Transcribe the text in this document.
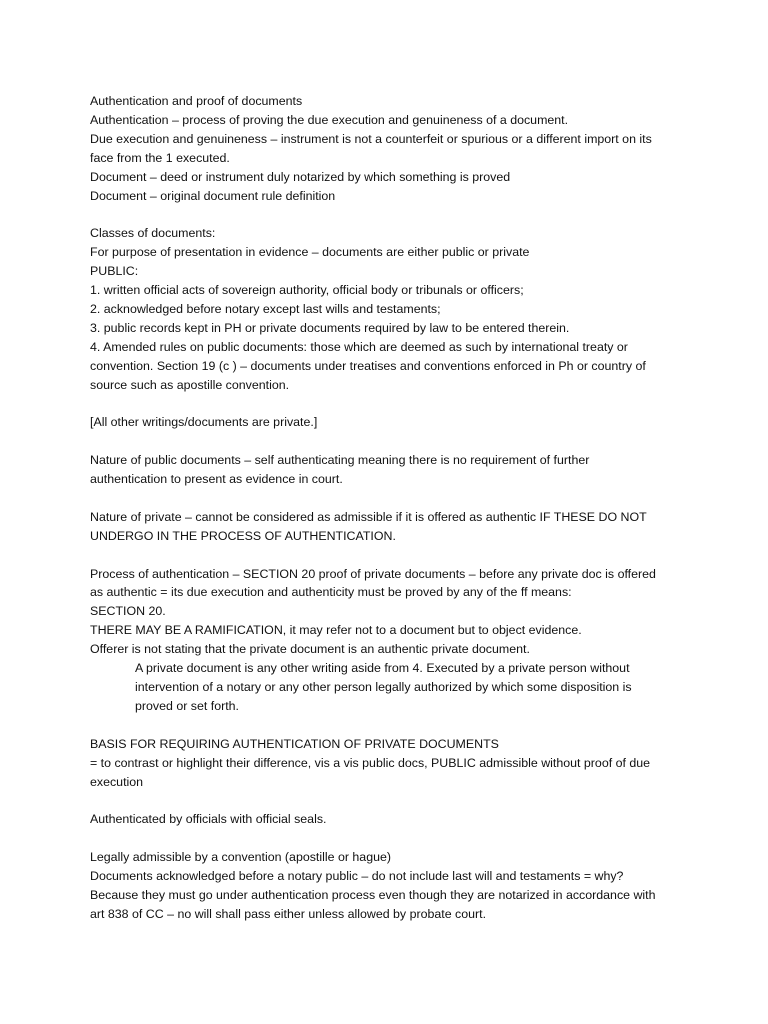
Authentication and proof of documents
Authentication – process of proving the due execution and genuineness of a document.
Due execution and genuineness – instrument is not a counterfeit or spurious or a different import on its
face from the 1 executed.
Document – deed or instrument duly notarized by which something is proved
Document – original document rule definition
Classes of documents:
For purpose of presentation in evidence – documents are either public or private
PUBLIC:
1. written official acts of sovereign authority, official body or tribunals or officers;
2. acknowledged before notary except last wills and testaments;
3. public records kept in PH or private documents required by law to be entered therein.
4. Amended rules on public documents: those which are deemed as such by international treaty or
convention. Section 19 (c ) – documents under treatises and conventions enforced in Ph or country of
source such as apostille convention.
[All other writings/documents are private.]
Nature of public documents – self authenticating meaning there is no requirement of further
authentication to present as evidence in court.
Nature of private – cannot be considered as admissible if it is offered as authentic IF THESE DO NOT
UNDERGO IN THE PROCESS OF AUTHENTICATION.
Process of authentication – SECTION 20 proof of private documents – before any private doc is offered
as authentic = its due execution and authenticity must be proved by any of the ff means:
SECTION 20.
THERE MAY BE A RAMIFICATION, it may refer not to a document but to object evidence.
Offerer is not stating that the private document is an authentic private document.
A private document is any other writing aside from 4. Executed by a private person without
intervention of a notary or any other person legally authorized by which some disposition is
proved or set forth.
BASIS FOR REQUIRING AUTHENTICATION OF PRIVATE DOCUMENTS
= to contrast or highlight their difference, vis a vis public docs, PUBLIC admissible without proof of due
execution
Authenticated by officials with official seals.
Legally admissible by a convention (apostille or hague)
Documents acknowledged before a notary public – do not include last will and testaments = why?
Because they must go under authentication process even though they are notarized in accordance with
art 838 of CC – no will shall pass either unless allowed by probate court.
